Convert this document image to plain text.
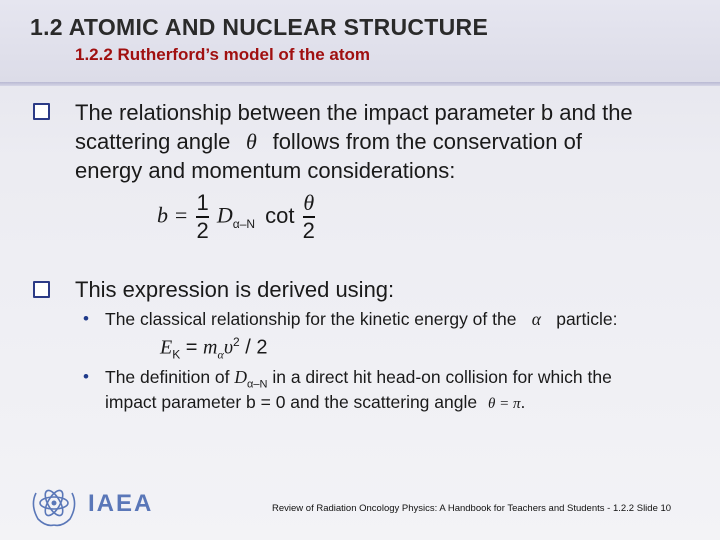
1.2 ATOMIC AND NUCLEAR STRUCTURE
1.2.2 Rutherford’s model of the atom
The relationship between the impact parameter b and the
scattering angle θ follows from the conservation of
energy and momentum considerations:
$b = \frac{1}{2} D_{\alpha-N}$ $\cot \frac{\theta}{2}$
This expression is derived using:
• The classical relationship for the kinetic energy of the α particle:
$E_K = m_\alpha\upsilon^2 / 2$
• The definition of $D_{\alpha-N}$ in a direct hit head-on collision for which the
impact parameter b = 0 and the scattering angle θ = π.
IAEA	Review of Radiation Oncology Physics: A Handbook for Teachers and Students - 1.2.2 Slide 10
